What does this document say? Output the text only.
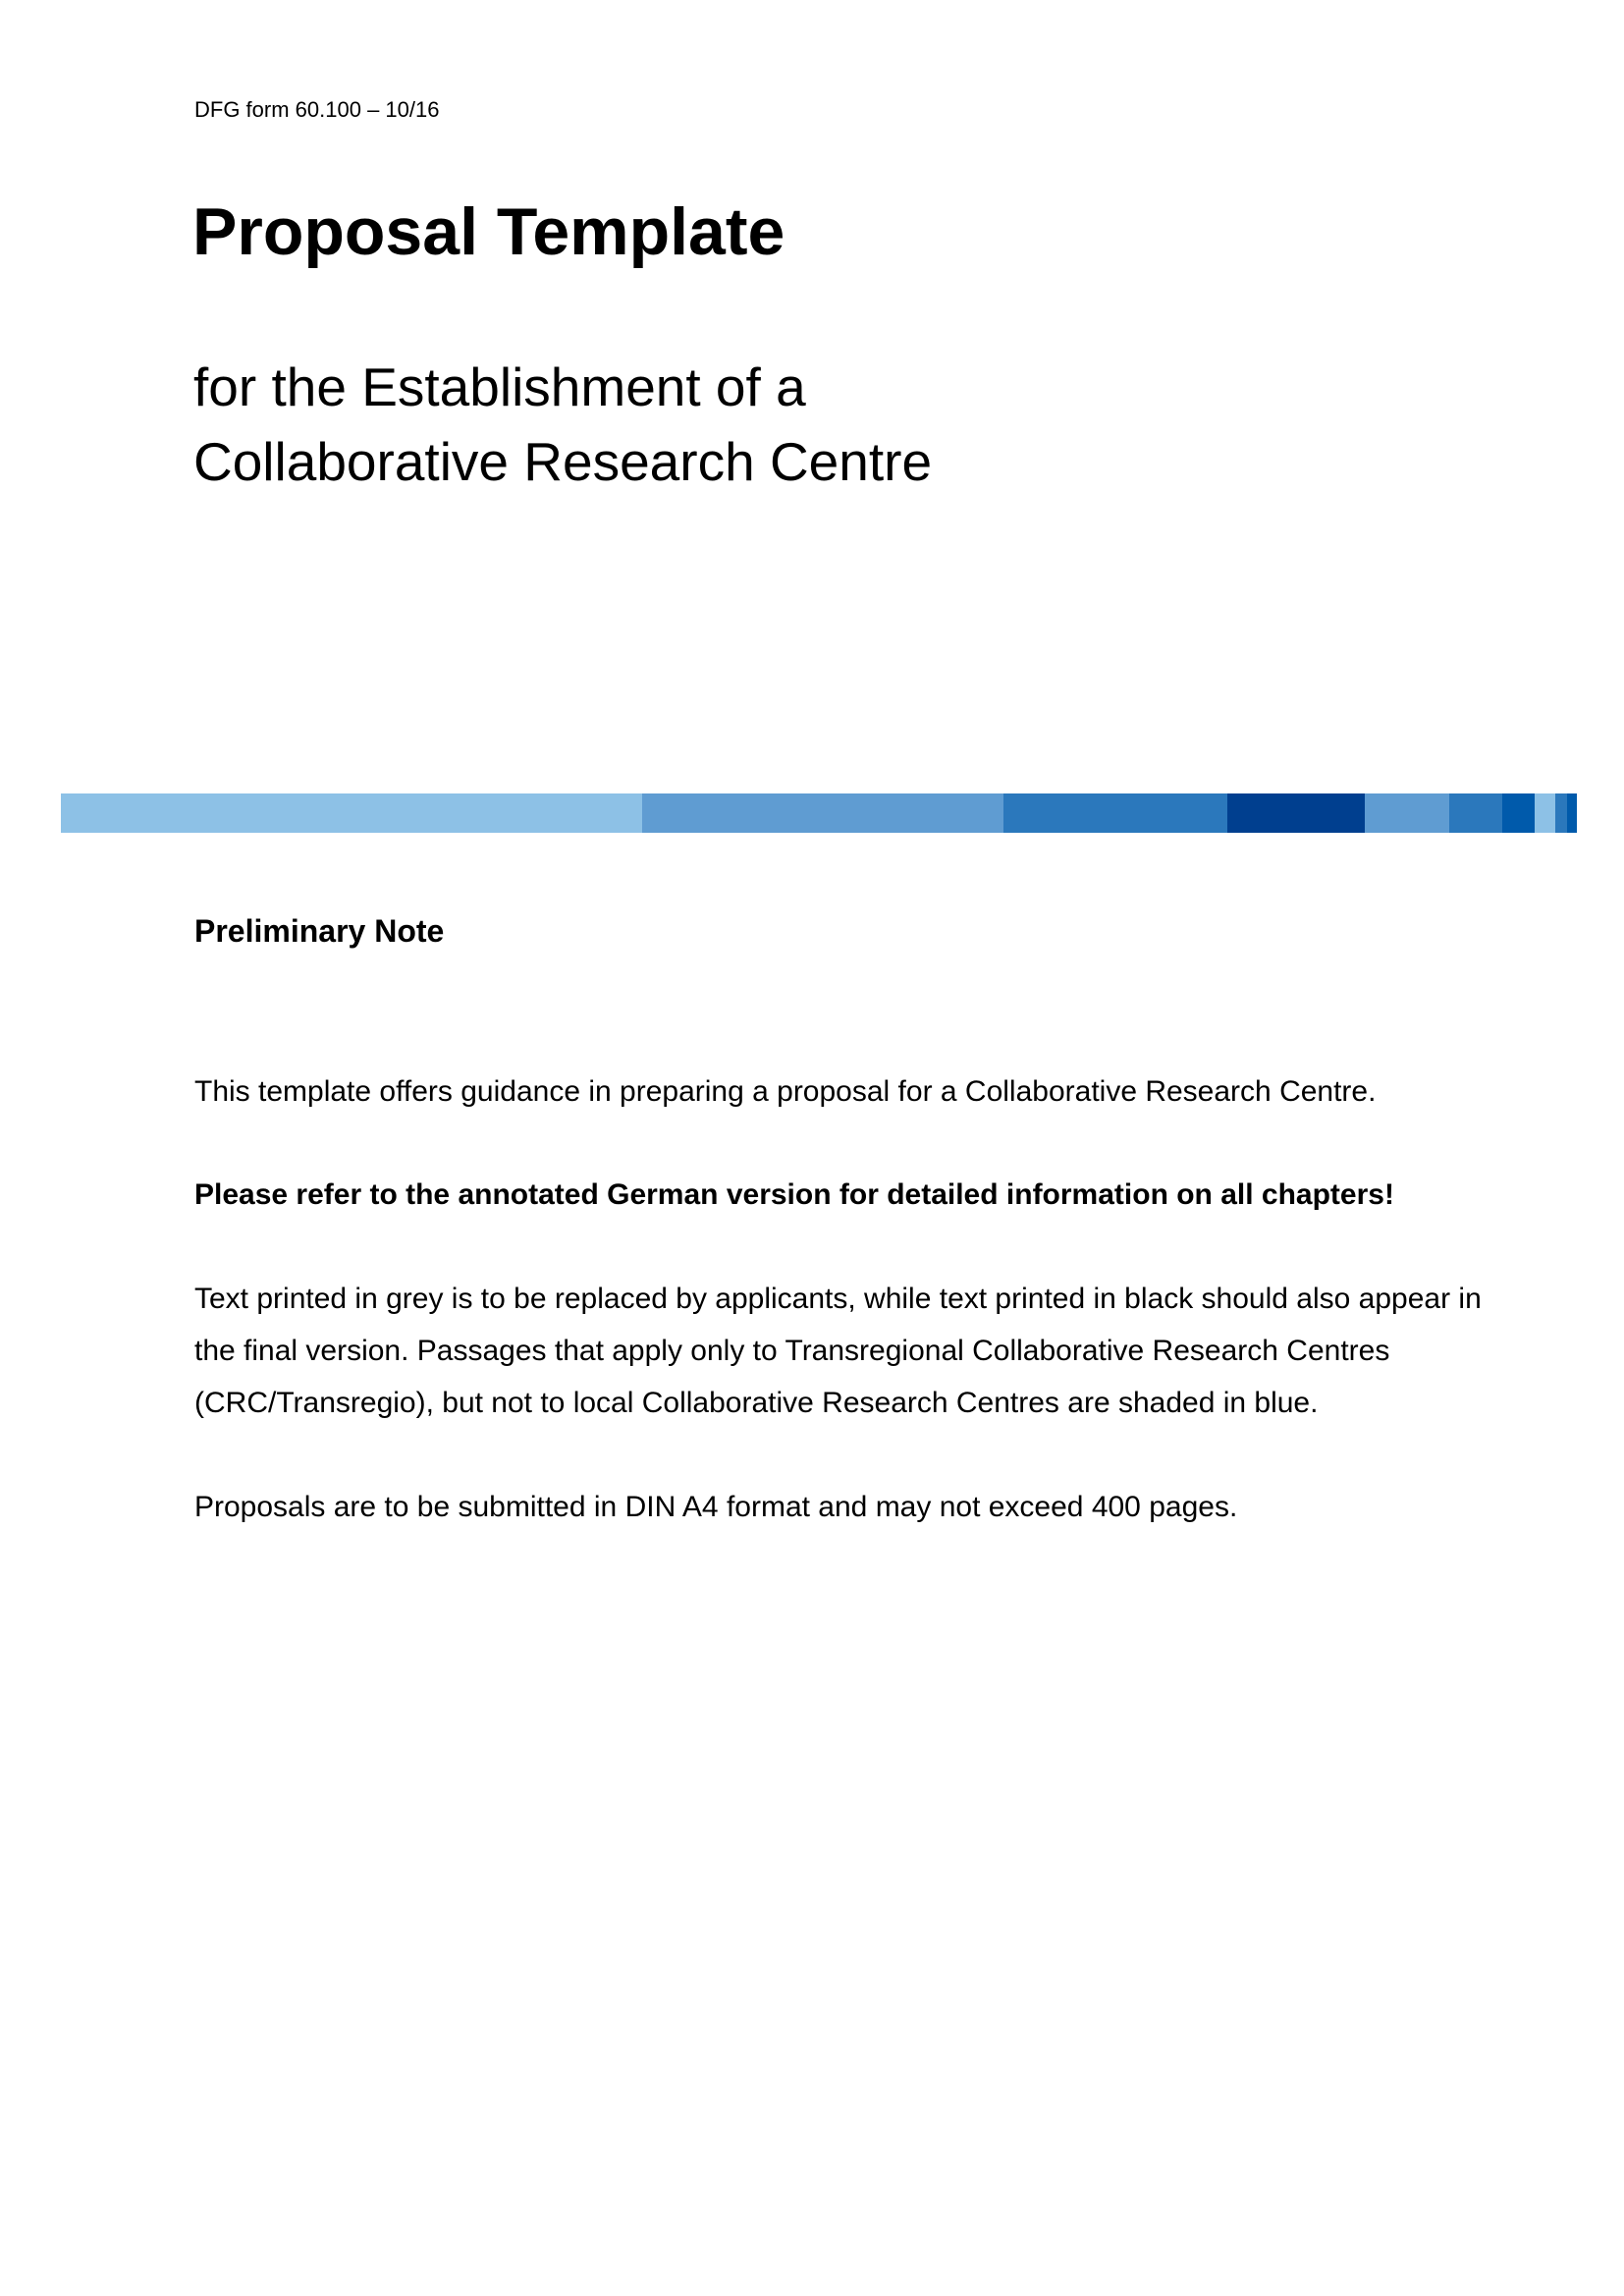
DFG form 60.100 – 10/16
Proposal Template
for the Establishment of a
Collaborative Research Centre
Preliminary Note

This template offers guidance in preparing a proposal for a Collaborative Research Centre.

Please refer to the annotated German version for detailed information on all chapters!

Text printed in grey is to be replaced by applicants, while text printed in black should also appear in the final version. Passages that apply only to Transregional Collaborative Research Centres (CRC/Transregio), but not to local Collaborative Research Centres are shaded in blue.

Proposals are to be submitted in DIN A4 format and may not exceed 400 pages.
